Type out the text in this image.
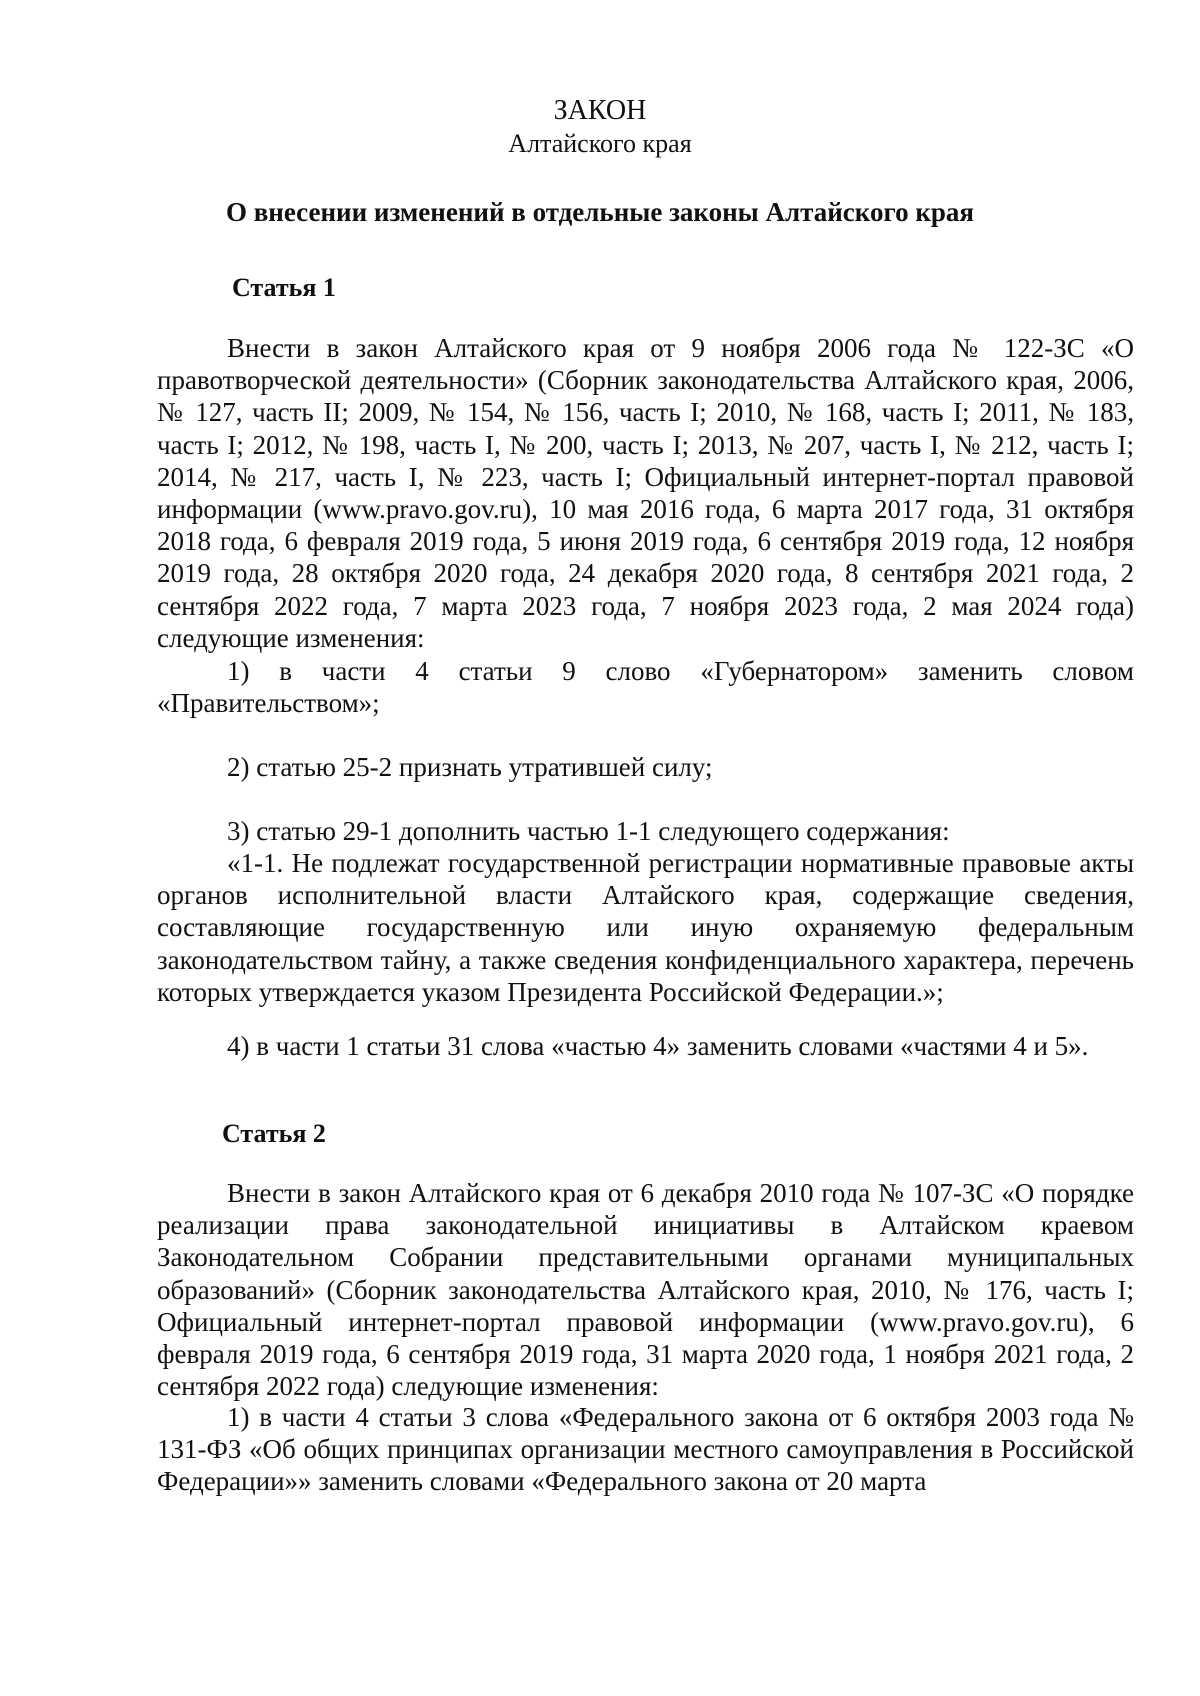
ЗАКОН
Алтайского края
О внесении изменений в отдельные законы Алтайского края
Статья 1

Внести в закон Алтайского края от 9 ноября 2006 года № 122-ЗС «О правотворческой деятельности» (Сборник законодательства Алтайского края, 2006, № 127, часть II; 2009, № 154, № 156, часть I; 2010, № 168, часть I; 2011, № 183, часть I; 2012, № 198, часть I, № 200, часть I; 2013, № 207, часть I, № 212, часть I; 2014, № 217, часть I, № 223, часть I; Официальный интернет-портал правовой информации (www.pravo.gov.ru), 10 мая 2016 года, 6 марта 2017 года, 31 октября 2018 года, 6 февраля 2019 года, 5 июня 2019 года, 6 сентября 2019 года, 12 ноября 2019 года, 28 октября 2020 года, 24 декабря 2020 года, 8 сентября 2021 года, 2 сентября 2022 года, 7 марта 2023 года, 7 ноября 2023 года, 2 мая 2024 года) следующие изменения:

1) в части 4 статьи 9 слово «Губернатором» заменить словом «Правительством»;

2) статью 25-2 признать утратившей силу;

3) статью 29-1 дополнить частью 1-1 следующего содержания:

«1-1. Не подлежат государственной регистрации нормативные правовые акты органов исполнительной власти Алтайского края, содержащие сведения, составляющие государственную или иную охраняемую федеральным законодательством тайну, а также сведения конфиденциального характера, перечень которых утверждается указом Президента Российской Федерации.»;

4) в части 1 статьи 31 слова «частью 4» заменить словами «частями 4 и 5».

Статья 2

Внести в закон Алтайского края от 6 декабря 2010 года № 107-ЗС «О порядке реализации права законодательной инициативы в Алтайском краевом Законодательном Собрании представительными органами муниципальных образований» (Сборник законодательства Алтайского края, 2010, № 176, часть I; Официальный интернет-портал правовой информации (www.pravo.gov.ru), 6 февраля 2019 года, 6 сентября 2019 года, 31 марта 2020 года, 1 ноября 2021 года, 2 сентября 2022 года) следующие изменения:

1) в части 4 статьи 3 слова «Федерального закона от 6 октября 2003 года № 131-ФЗ «Об общих принципах организации местного самоуправления в Российской Федерации»» заменить словами «Федерального закона от 20 марта
